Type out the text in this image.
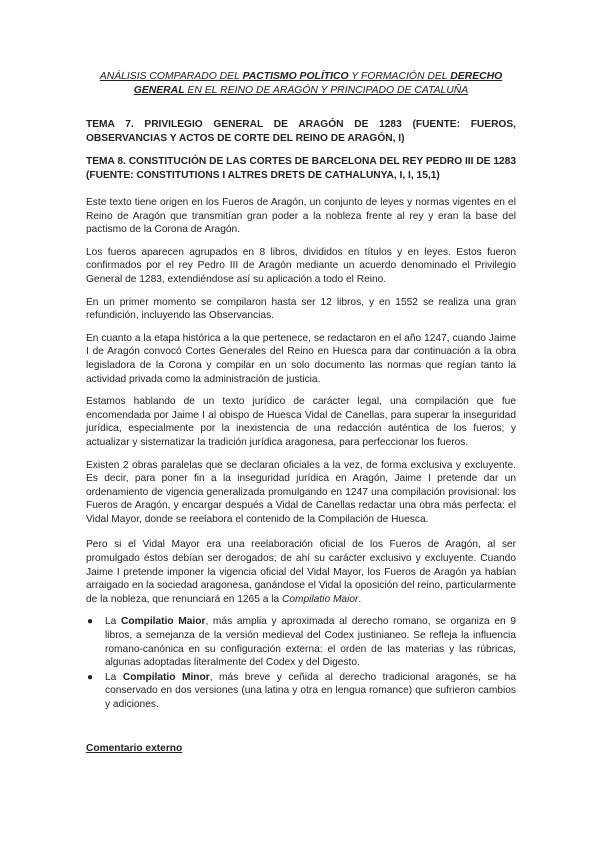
ANÁLISIS COMPARADO DEL PACTISMO POLÍTICO Y FORMACIÓN DEL DERECHO GENERAL EN EL REINO DE ARAGÓN Y PRINCIPADO DE CATALUÑA
TEMA 7. PRIVILEGIO GENERAL DE ARAGÓN DE 1283 (FUENTE: FUEROS, OBSERVANCIAS Y ACTOS DE CORTE DEL REINO DE ARAGÓN, I)
TEMA 8. CONSTITUCIÓN DE LAS CORTES DE BARCELONA DEL REY PEDRO III DE 1283 (FUENTE: CONSTITUTIONS I ALTRES DRETS DE CATHALUNYA, I, I, 15,1)

Este texto tiene origen en los Fueros de Aragón, un conjunto de leyes y normas vigentes en el Reino de Aragón que transmitían gran poder a la nobleza frente al rey y eran la base del pactismo de la Corona de Aragón.

Los fueros aparecen agrupados en 8 libros, divididos en títulos y en leyes. Estos fueron confirmados por el rey Pedro III de Aragón mediante un acuerdo denominado el Privilegio General de 1283, extendiéndose así su aplicación a todo el Reino.

En un primer momento se compilaron hasta ser 12 libros, y en 1552 se realiza una gran refundición, incluyendo las Observancias.

En cuanto a la etapa histórica a la que pertenece, se redactaron en el año 1247, cuando Jaime I de Aragón convocó Cortes Generales del Reino en Huesca para dar continuación a la obra legisladora de la Corona y compilar en un solo documento las normas que regían tanto la actividad privada como la administración de justicia.

Estamos hablando de un texto jurídico de carácter legal, una compilación que fue encomendada por Jaime I al obispo de Huesca Vidal de Canellas, para superar la inseguridad jurídica, especialmente por la inexistencia de una redacción auténtica de los fueros; y actualizar y sistematizar la tradición jurídica aragonesa, para perfeccionar los fueros.

Existen 2 obras paralelas que se declaran oficiales a la vez, de forma exclusiva y excluyente. Es decir, para poner fin a la inseguridad jurídica en Aragón, Jaime I pretende dar un ordenamiento de vigencia generalizada promulgando en 1247 una compilación provisional: los Fueros de Aragón, y encargar después a Vidal de Canellas redactar una obra más perfecta: el Vidal Mayor, donde se reelabora el contenido de la Compilación de Huesca.

Pero si el Vidal Mayor era una reelaboración oficial de los Fueros de Aragón, al ser promulgado éstos debían ser derogados; de ahí su carácter exclusivo y excluyente. Cuando Jaime I pretende imponer la vigencia oficial del Vidal Mayor, los Fueros de Aragón ya habían arraigado en la sociedad aragonesa, ganándose el Vidal la oposición del reino, particularmente de la nobleza, que renunciará en 1265 a la Compilatio Maior.

● La Compilatio Maior, más amplia y aproximada al derecho romano, se organiza en 9 libros, a semejanza de la versión medieval del Codex justinianeo. Se refleja la influencia romano-canónica en su configuración externa: el orden de las materias y las rúbricas, algunas adoptadas literalmente del Codex y del Digesto.
● La Compilatio Minor, más breve y ceñida al derecho tradicional aragonés, se ha conservado en dos versiones (una latina y otra en lengua romance) que sufrieron cambios y adiciones.
Comentario externo
